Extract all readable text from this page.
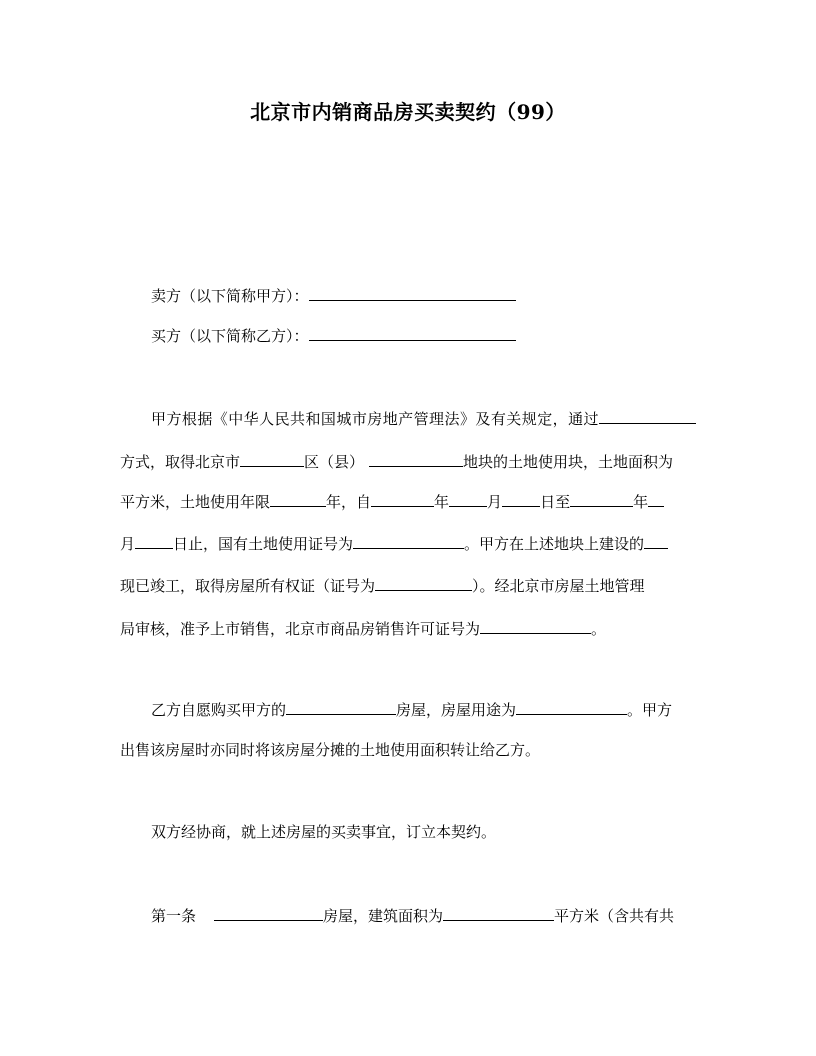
北京市内销商品房买卖契约（99）
卖方（以下简称甲方）：
买方（以下简称乙方）：
甲方根据《中华人民共和国城市房地产管理法》及有关规定，通过
方式，取得北京市	区（县）	地块的土地使用块，土地面积为
平方米，土地使用年限	年，自	年	月	日至	年
月	日止，国有土地使用证号为	。甲方在上述地块上建设的
现已竣工，取得房屋所有权证（证号为	）。经北京市房屋土地管理
局审核，准予上市销售，北京市商品房销售许可证号为	。
乙方自愿购买甲方的	房屋，房屋用途为	。甲方
出售该房屋时亦同时将该房屋分摊的土地使用面积转让给乙方。
双方经协商，就上述房屋的买卖事宜，订立本契约。
第一条	房屋，建筑面积为	平方米（含共有共
